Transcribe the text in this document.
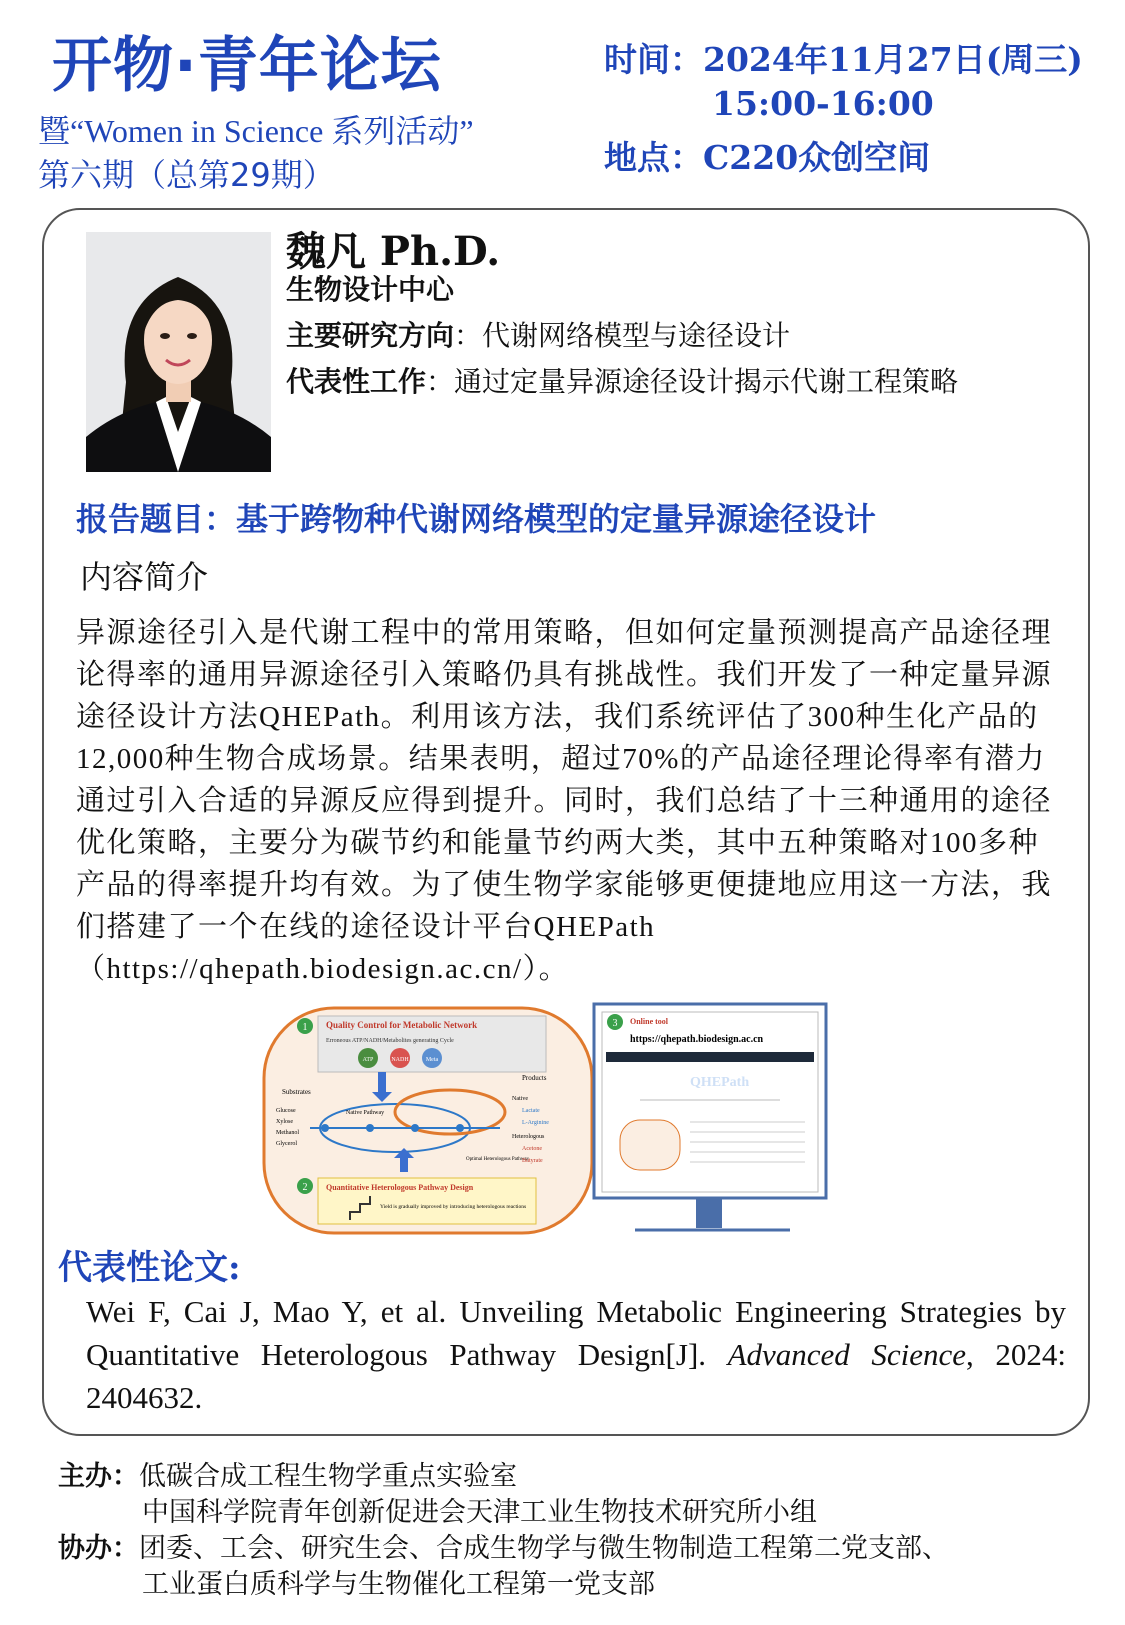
开物·青年论坛
暨“Women in Science 系列活动”
第六期（总第29期）
时间：2024年11月27日(周三)
15:00-16:00
地点：C220众创空间
魏凡 Ph.D.
生物设计中心
主要研究方向：代谢网络模型与途径设计
代表性工作：通过定量异源途径设计揭示代谢工程策略
报告题目：基于跨物种代谢网络模型的定量异源途径设计
内容简介
异源途径引入是代谢工程中的常用策略，但如何定量预测提高产品途径理论得率的通用异源途径引入策略仍具有挑战性。我们开发了一种定量异源途径设计方法QHEPath。利用该方法，我们系统评估了300种生化产品的12,000种生物合成场景。结果表明，超过70%的产品途径理论得率有潜力通过引入合适的异源反应得到提升。同时，我们总结了十三种通用的途径优化策略，主要分为碳节约和能量节约两大类，其中五种策略对100多种产品的得率提升均有效。为了使生物学家能够更便捷地应用这一方法，我们搭建了一个在线的途径设计平台QHEPath（https://qhepath.biodesign.ac.cn/）。
1 Quality Control for Metabolic Network
Erroneous ATP/NADH/Metabolites generating Cycle
ATP	NADH	Meta
Substrates
Glucose
Xylose
Methanol
Glycerol
Native Pathway
Optimal Heterologous Pathway
Products
Native
Lactate
L-Arginine
Heterologous
Acetone
Butyrate
2 Quantitative Heterologous Pathway Design
Yield is gradually improved by introducing heterologous reactions
3 Online tool
https://qhepath.biodesign.ac.cn
QHEPath
代表性论文:
Wei F, Cai J, Mao Y, et al. Unveiling Metabolic Engineering Strategies by Quantitative Heterologous Pathway Design[J]. Advanced Science, 2024: 2404632.
主办：低碳合成工程生物学重点实验室
中国科学院青年创新促进会天津工业生物技术研究所小组
协办：团委、工会、研究生会、合成生物学与微生物制造工程第二党支部、
工业蛋白质科学与生物催化工程第一党支部
